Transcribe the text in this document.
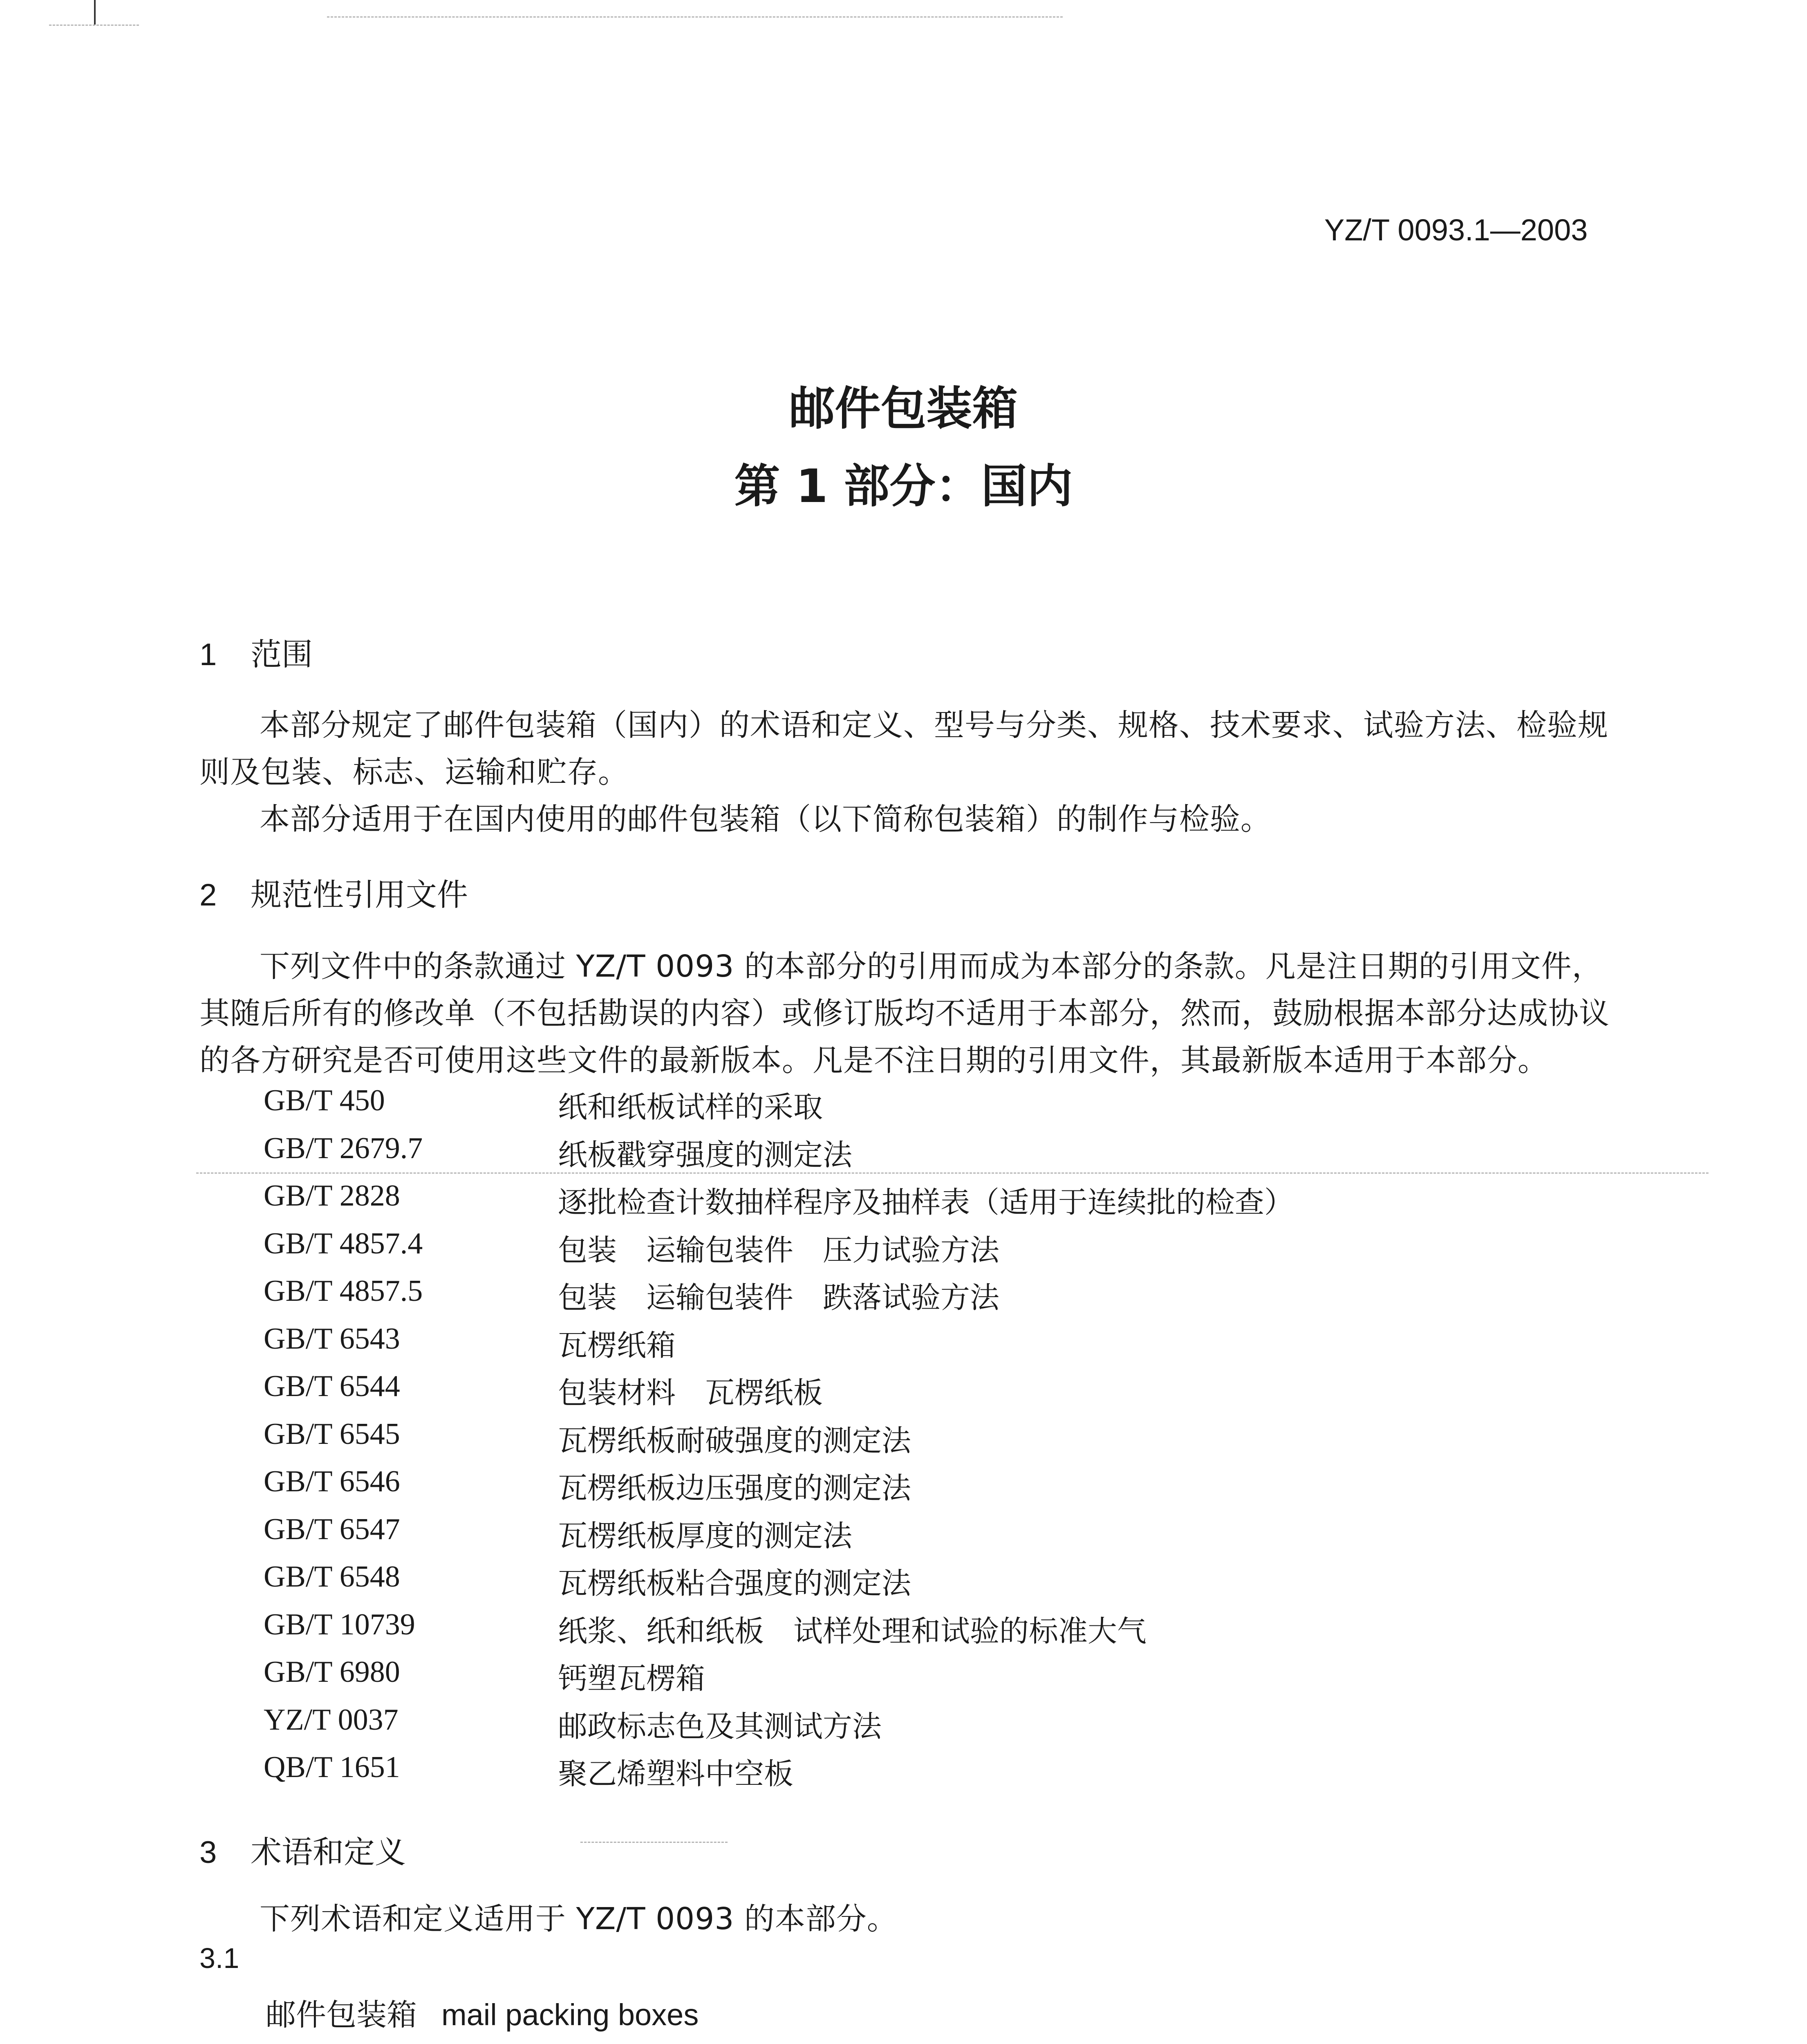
YZ/T 0093.1—2003
邮件包装箱
第 1 部分：国内
1 范围
本部分规定了邮件包装箱（国内）的术语和定义、型号与分类、规格、技术要求、试验方法、检验规
则及包装、标志、运输和贮存。
本部分适用于在国内使用的邮件包装箱（以下简称包装箱）的制作与检验。
2 规范性引用文件
下列文件中的条款通过 YZ/T 0093 的本部分的引用而成为本部分的条款。凡是注日期的引用文件，
其随后所有的修改单（不包括勘误的内容）或修订版均不适用于本部分，然而，鼓励根据本部分达成协议
的各方研究是否可使用这些文件的最新版本。凡是不注日期的引用文件，其最新版本适用于本部分。
GB/T 450	纸和纸板试样的采取
GB/T 2679.7	纸板戳穿强度的测定法
GB/T 2828	逐批检查计数抽样程序及抽样表（适用于连续批的检查）
GB/T 4857.4	包装　运输包装件　压力试验方法
GB/T 4857.5	包装　运输包装件　跌落试验方法
GB/T 6543	瓦楞纸箱
GB/T 6544	包装材料　瓦楞纸板
GB/T 6545	瓦楞纸板耐破强度的测定法
GB/T 6546	瓦楞纸板边压强度的测定法
GB/T 6547	瓦楞纸板厚度的测定法
GB/T 6548	瓦楞纸板粘合强度的测定法
GB/T 10739	纸浆、纸和纸板　试样处理和试验的标准大气
GB/T 6980	钙塑瓦楞箱
YZ/T 0037	邮政标志色及其测试方法
QB/T 1651	聚乙烯塑料中空板
3 术语和定义
下列术语和定义适用于 YZ/T 0093 的本部分。
3.1
邮件包装箱 mail packing boxes
